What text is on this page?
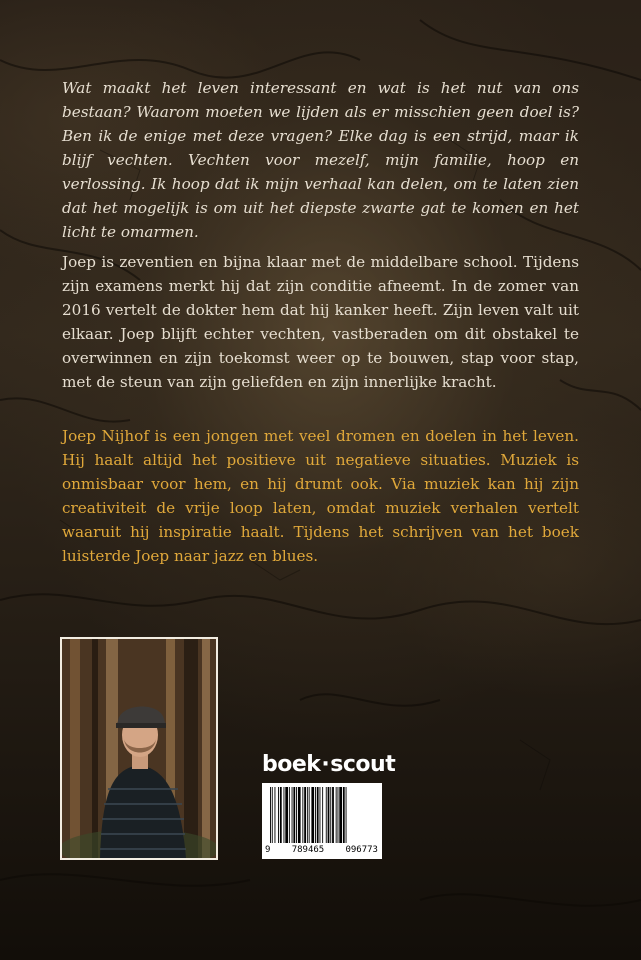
Wat maakt het leven interessant en wat is het nut van ons bestaan? Waarom moeten we lijden als er misschien geen doel is? Ben ik de enige met deze vragen? Elke dag is een strijd, maar ik blijf vechten. Vechten voor mezelf, mijn familie, hoop en verlossing. Ik hoop dat ik mijn verhaal kan delen, om te laten zien dat het mogelijk is om uit het diepste zwarte gat te komen en het licht te omarmen.

Joep is zeventien en bijna klaar met de middelbare school. Tijdens zijn examens merkt hij dat zijn conditie afneemt. In de zomer van 2016 vertelt de dokter hem dat hij kanker heeft. Zijn leven valt uit elkaar. Joep blijft echter vechten, vastberaden om dit obstakel te overwinnen en zijn toekomst weer op te bouwen, stap voor stap, met de steun van zijn geliefden en zijn innerlijke kracht.

Joep Nijhof is een jongen met veel dromen en doelen in het leven. Hij haalt altijd het positieve uit negatieve situaties. Muziek is onmisbaar voor hem, en hij drumt ook. Via muziek kan hij zijn creativiteit de vrije loop laten, omdat muziek verhalen vertelt waaruit hij inspiratie haalt. Tijdens het schrijven van het boek luisterde Joep naar jazz en blues.

boek · scout
9 789465 096773
